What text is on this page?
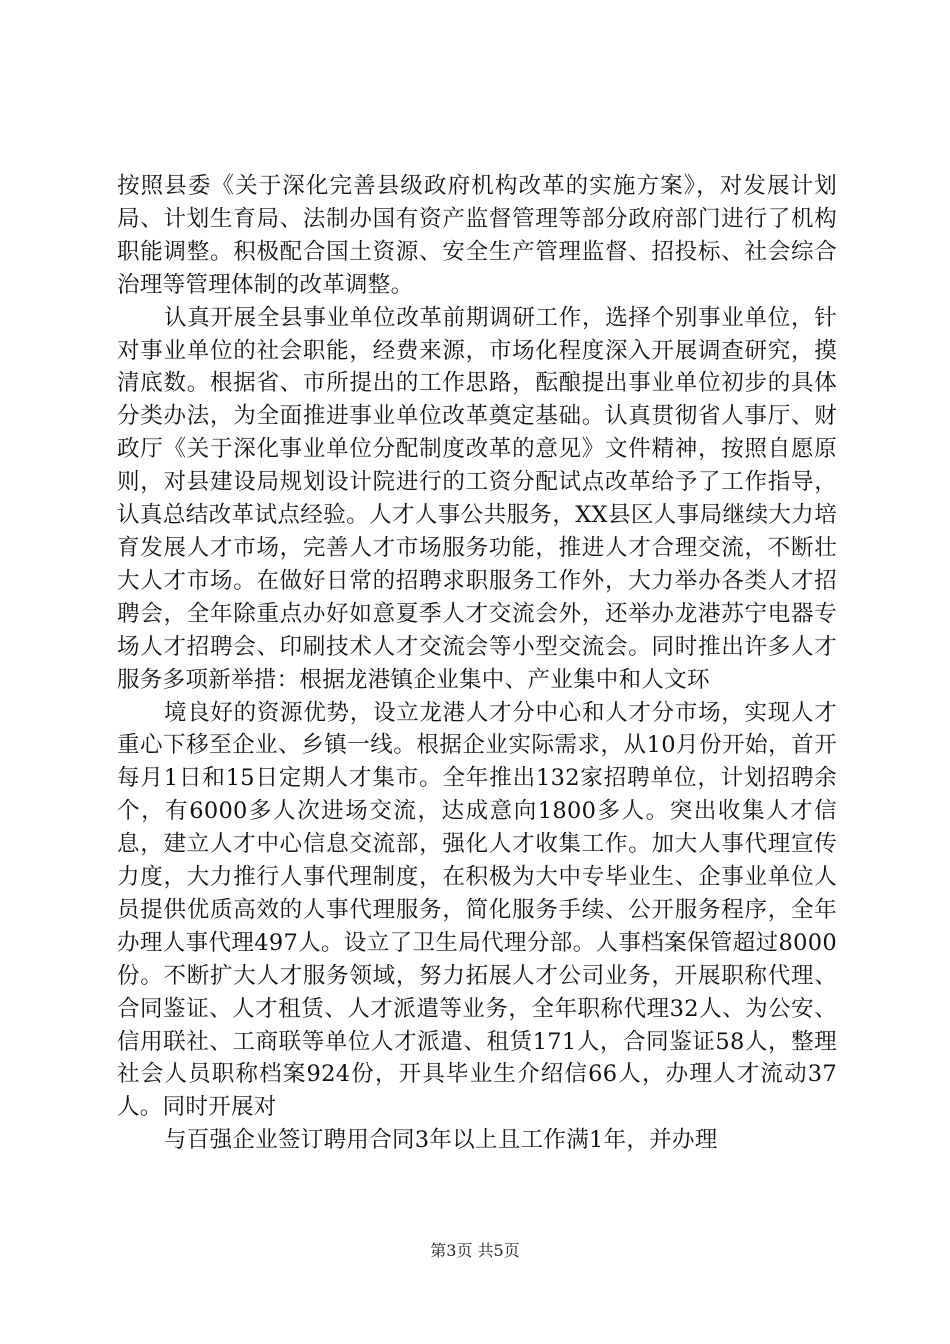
按照县委《关于深化完善县级政府机构改革的实施方案》，对发展计划局、计划生育局、法制办国有资产监督管理等部分政府部门进行了机构职能调整。积极配合国土资源、安全生产管理监督、招投标、社会综合治理等管理体制的改革调整。

认真开展全县事业单位改革前期调研工作，选择个别事业单位，针对事业单位的社会职能，经费来源，市场化程度深入开展调查研究，摸清底数。根据省、市所提出的工作思路，酝酿提出事业单位初步的具体分类办法，为全面推进事业单位改革奠定基础。认真贯彻省人事厅、财政厅《关于深化事业单位分配制度改革的意见》文件精神，按照自愿原则，对县建设局规划设计院进行的工资分配试点改革给予了工作指导，认真总结改革试点经验。人才人事公共服务，XX县区人事局继续大力培育发展人才市场，完善人才市场服务功能，推进人才合理交流，不断壮大人才市场。在做好日常的招聘求职服务工作外，大力举办各类人才招聘会，全年除重点办好如意夏季人才交流会外，还举办龙港苏宁电器专场人才招聘会、印刷技术人才交流会等小型交流会。同时推出许多人才服务多项新举措：根据龙港镇企业集中、产业集中和人文环

境良好的资源优势，设立龙港人才分中心和人才分市场，实现人才重心下移至企业、乡镇一线。根据企业实际需求，从10月份开始，首开每月1日和15日定期人才集市。全年推出132家招聘单位，计划招聘余个，有6000多人次进场交流，达成意向1800多人。突出收集人才信息，建立人才中心信息交流部，强化人才收集工作。加大人事代理宣传力度，大力推行人事代理制度，在积极为大中专毕业生、企事业单位人员提供优质高效的人事代理服务，简化服务手续、公开服务程序，全年办理人事代理497人。设立了卫生局代理分部。人事档案保管超过8000份。不断扩大人才服务领域，努力拓展人才公司业务，开展职称代理、合同鉴证、人才租赁、人才派遣等业务，全年职称代理32人、为公安、信用联社、工商联等单位人才派遣、租赁171人，合同鉴证58人，整理社会人员职称档案924份，开具毕业生介绍信66人，办理人才流动37人。同时开展对

与百强企业签订聘用合同3年以上且工作满1年，并办理

第3页 共5页
